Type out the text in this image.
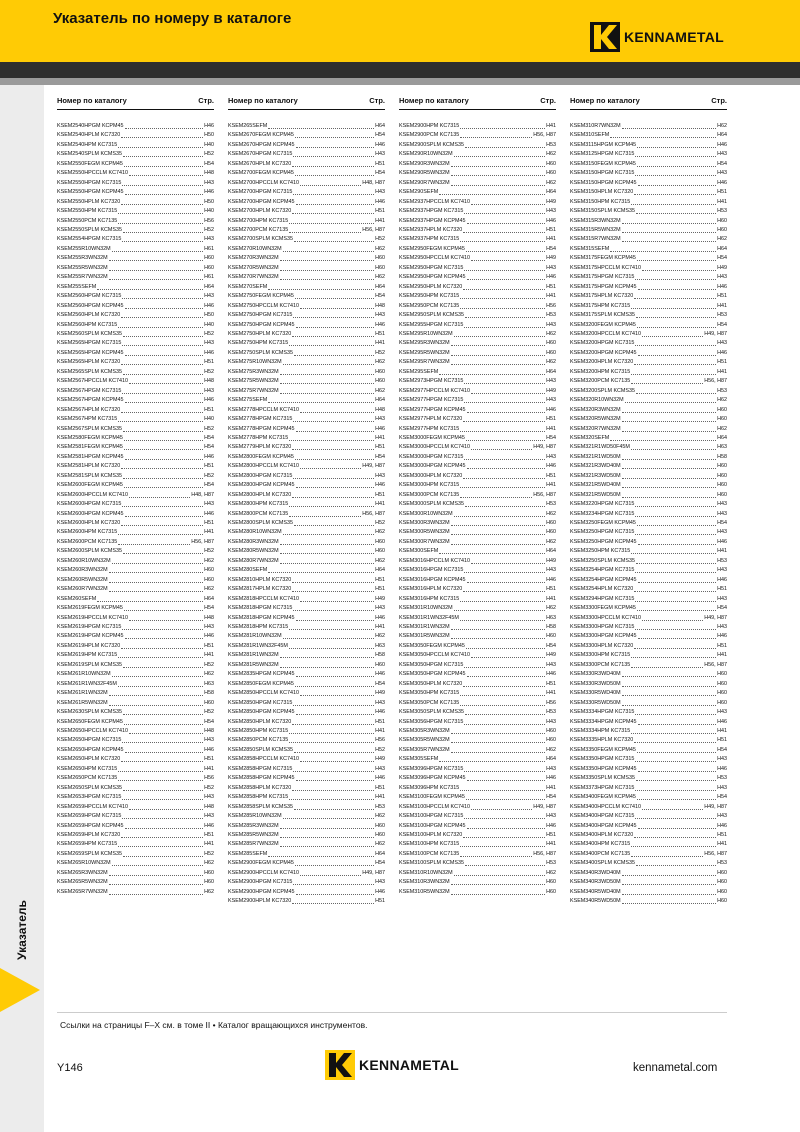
Указатель по номеру в каталоге
KENNAMETAL
Указатель
Номер по каталогу	Стр.
KSEM2540HPGM KCPM45	H46
KSEM2540HPLM KC7320	H50
KSEM2540HPM KC7315	H40
KSEM2540SPLM KCMS35	H52
KSEM2550FEGM KCPM45	H54
KSEM2550HPCCLM KC7410	H48
KSEM2550HPGM KC7315	H43
KSEM2550HPGM KCPM45	H46
KSEM2550HPLM KC7320	H50
KSEM2550HPM KC7315	H40
KSEM2550PCM KC7135	H56
KSEM2550SPLM KCMS35	H52
KSEM2554HPGM KC7315	H43
KSEM255R10WN32M	H61
KSEM255R3WN32M	H60
KSEM255R5WN32M	H60
KSEM255R7WN32M	H61
KSEM255SEFM	H64
KSEM2560HPGM KC7315	H43
KSEM2560HPGM KCPM45	H46
KSEM2560HPLM KC7320	H50
KSEM2560HPM KC7315	H40
KSEM2560SPLM KCMS35	H52
KSEM2565HPGM KC7315	H43
KSEM2565HPGM KCPM45	H46
KSEM2565HPLM KC7320	H51
KSEM2565SPLM KCMS35	H52
KSEM2567HPCCLM KC7410	H48
KSEM2567HPGM KC7315	H43
KSEM2567HPGM KCPM45	H46
KSEM2567HPLM KC7320	H51
KSEM2567HPM KC7315	H40
KSEM2567SPLM KCMS35	H52
KSEM2580FEGM KCPM45	H54
KSEM2581FEGM KCPM45	H54
KSEM2581HPGM KCPM45	H46
KSEM2581HPLM KC7320	H51
KSEM2581SPLM KCMS35	H52
KSEM2600FEGM KCPM45	H54
KSEM2600HPCCLM KC7410	H48, H87
KSEM2600HPGM KC7315	H43
KSEM2600HPGM KCPM45	H46
KSEM2600HPLM KC7320	H51
KSEM2600HPM KC7315	H41
KSEM2600PCM KC7135	H56, H87
KSEM2600SPLM KCMS35	H52
KSEM260R10WN32M	H62
KSEM260R3WN32M	H60
KSEM260R5WN32M	H60
KSEM260R7WN32M	H62
KSEM260SEFM	H64
KSEM2619FEGM KCPM45	H54
KSEM2619HPCCLM KC7410	H48
KSEM2619HPGM KC7315	H43
KSEM2619HPGM KCPM45	H46
KSEM2619HPLM KC7320	H51
KSEM2619HPM KC7315	H41
KSEM2619SPLM KCMS35	H52
KSEM261R10WN32M	H62
KSEM261R1WN32F45M	H63
KSEM261R1WN32M	H58
KSEM261R5WN32M	H60
KSEM2630SPLM KCMS35	H52
KSEM2650FEGM KCPM45	H54
KSEM2650HPCCLM KC7410	H48
KSEM2650HPGM KC7315	H43
KSEM2650HPGM KCPM45	H46
KSEM2650HPLM KC7320	H51
KSEM2650HPM KC7315	H41
KSEM2650PCM KC7135	H56
KSEM2650SPLM KCMS35	H52
KSEM2653HPGM KC7315	H43
KSEM2659HPCCLM KC7410	H48
KSEM2659HPGM KC7315	H43
KSEM2659HPGM KCPM45	H46
KSEM2659HPLM KC7320	H51
KSEM2659HPM KC7315	H41
KSEM2659SPLM KCMS35	H52
KSEM265R10WN32M	H62
KSEM265R3WN32M	H60
KSEM265R5WN32M	H60
KSEM265R7WN32M	H62
Номер по каталогу	Стр.
KSEM265SEFM	H64
KSEM2670FEGM KCPM45	H54
KSEM2670HPGM KCPM45	H46
KSEM2670HPGM KC7315	H43
KSEM2670HPLM KC7320	H51
KSEM2700FEGM KCPM45	H54
KSEM2700HPCCLM KC7410	H48, H87
KSEM2700HPGM KC7315	H43
KSEM2700HPGM KCPM45	H46
KSEM2700HPLM KC7320	H51
KSEM2700HPM KC7315	H41
KSEM2700PCM KC7135	H56, H87
KSEM2700SPLM KCMS35	H52
KSEM270R10WN32M	H62
KSEM270R3WN32M	H60
KSEM270R5WN32M	H60
KSEM270R7WN32M	H62
KSEM270SEFM	H64
KSEM2750FEGM KCPM45	H54
KSEM2750HPCCLM KC7410	H48
KSEM2750HPGM KC7315	H43
KSEM2750HPGM KCPM45	H46
KSEM2750HPLM KC7320	H51
KSEM2750HPM KC7315	H41
KSEM2750SPLM KCMS35	H52
KSEM275R10WN32M	H62
KSEM275R3WN32M	H60
KSEM275R5WN32M	H60
KSEM275R7WN32M	H62
KSEM275SEFM	H64
KSEM2778HPCCLM KC7410	H48
KSEM2778HPGM KC7315	H43
KSEM2778HPGM KCPM45	H46
KSEM2778HPM KC7315	H41
KSEM2779HPLM KC7320	H51
KSEM2800FEGM KCPM45	H54
KSEM2800HPCCLM KC7410	H49, H87
KSEM2800HPGM KC7315	H43
KSEM2800HPGM KCPM45	H46
KSEM2800HPLM KC7320	H51
KSEM2800HPM KC7315	H41
KSEM2800PCM KC7135	H56, H87
KSEM2800SPLM KCMS35	H52
KSEM280R10WN32M	H62
KSEM280R3WN32M	H60
KSEM280R5WN32M	H60
KSEM280R7WN32M	H62
KSEM280SEFM	H64
KSEM2810HPLM KC7320	H51
KSEM2817HPLM KC7320	H51
KSEM2818HPCCLM KC7410	H49
KSEM2818HPGM KC7315	H43
KSEM2818HPGM KCPM45	H46
KSEM2818HPM KC7315	H41
KSEM281R10WN32M	H62
KSEM281R1WN32F45M	H63
KSEM281R1WN32M	H58
KSEM281R5WN32M	H60
KSEM2835HPGM KCPM45	H46
KSEM2850FEGM KCPM45	H54
KSEM2850HPCCLM KC7410	H49
KSEM2850HPGM KC7315	H43
KSEM2850HPGM KCPM45	H46
KSEM2850HPLM KC7320	H51
KSEM2850HPM KC7315	H41
KSEM2850PCM KC7135	H56
KSEM2850SPLM KCMS35	H52
KSEM2858HPCCLM KC7410	H49
KSEM2858HPGM KC7315	H43
KSEM2858HPGM KCPM45	H46
KSEM2858HPLM KC7320	H51
KSEM2858HPM KC7315	H41
KSEM2858SPLM KCMS35	H53
KSEM285R10WN32M	H62
KSEM285R3WN32M	H60
KSEM285R5WN32M	H60
KSEM285R7WN32M	H62
KSEM285SEFM	H64
KSEM2900FEGM KCPM45	H54
KSEM2900HPCCLM KC7410	H49, H87
KSEM2900HPGM KC7315	H43
KSEM2900HPGM KCPM45	H46
KSEM2900HPLM KC7320	H51
Номер по каталогу	Стр.
KSEM2900HPM KC7315	H41
KSEM2900PCM KC7135	H56, H87
KSEM2900SPLM KCMS35	H53
KSEM290R10WN32M	H62
KSEM290R3WN32M	H60
KSEM290R5WN32M	H60
KSEM290R7WN32M	H62
KSEM290SEFM	H64
KSEM2937HPCCLM KC7410	H49
KSEM2937HPGM KC7315	H43
KSEM2937HPGM KCPM45	H46
KSEM2937HPLM KC7320	H51
KSEM2937HPM KC7315	H41
KSEM2950FEGM KCPM45	H54
KSEM2950HPCCLM KC7410	H49
KSEM2950HPGM KC7315	H43
KSEM2950HPGM KCPM45	H46
KSEM2950HPLM KC7320	H51
KSEM2950HPM KC7315	H41
KSEM2950PCM KC7135	H56
KSEM2950SPLM KCMS35	H53
KSEM2955HPGM KC7315	H43
KSEM295R10WN32M	H62
KSEM295R3WN32M	H60
KSEM295R5WN32M	H60
KSEM295R7WN32M	H62
KSEM295SEFM	H64
KSEM2973HPGM KC7315	H43
KSEM2977HPCCLM KC7410	H49
KSEM2977HPGM KC7315	H43
KSEM2977HPGM KCPM45	H46
KSEM2977HPLM KC7320	H51
KSEM2977HPM KC7315	H41
KSEM3000FEGM KCPM45	H54
KSEM3000HPCCLM KC7410	H49, H87
KSEM3000HPGM KC7315	H43
KSEM3000HPGM KCPM45	H46
KSEM3000HPLM KC7320	H51
KSEM3000HPM KC7315	H41
KSEM3000PCM KC7135	H56, H87
KSEM3000SPLM KCMS35	H53
KSEM300R10WN32M	H62
KSEM300R3WN32M	H60
KSEM300R5WN32M	H60
KSEM300R7WN32M	H62
KSEM300SEFM	H64
KSEM3016HPCCLM KC7410	H49
KSEM3016HPGM KC7315	H43
KSEM3016HPGM KCPM45	H46
KSEM3016HPLM KC7320	H51
KSEM3016HPM KC7315	H41
KSEM301R10WN32M	H62
KSEM301R1WN32F45M	H63
KSEM301R1WN32M	H58
KSEM301R5WN32M	H60
KSEM3050FEGM KCPM45	H54
KSEM3050HPCCLM KC7410	H49
KSEM3050HPGM KC7315	H43
KSEM3050HPGM KCPM45	H46
KSEM3050HPLM KC7320	H51
KSEM3050HPM KC7315	H41
KSEM3050PCM KC7135	H56
KSEM3050SPLM KCMS35	H53
KSEM3056HPGM KC7315	H43
KSEM305R3WN32M	H60
KSEM305R5WN32M	H60
KSEM305R7WN32M	H62
KSEM305SEFM	H64
KSEM3096HPGM KC7315	H43
KSEM3096HPGM KCPM45	H46
KSEM3096HPM KC7315	H41
KSEM3100FEGM KCPM45	H54
KSEM3100HPCCLM KC7410	H49, H87
KSEM3100HPGM KC7315	H43
KSEM3100HPGM KCPM45	H46
KSEM3100HPLM KC7320	H51
KSEM3100HPM KC7315	H41
KSEM3100PCM KC7135	H56, H87
KSEM3100SPLM KCMS35	H53
KSEM310R10WN32M	H62
KSEM310R3WN32M	H60
KSEM310R5WN32M	H60
Номер по каталогу	Стр.
KSEM310R7WN32M	H62
KSEM310SEFM	H64
KSEM3115HPGM KCPM45	H46
KSEM3125HPGM KC7315	H43
KSEM3150FEGM KCPM45	H54
KSEM3150HPGM KC7315	H43
KSEM3150HPGM KCPM45	H46
KSEM3150HPLM KC7320	H51
KSEM3150HPM KC7315	H41
KSEM3150SPLM KCMS35	H53
KSEM315R3WN32M	H60
KSEM315R5WN32M	H60
KSEM315R7WN32M	H62
KSEM315SEFM	H64
KSEM3175FEGM KCPM45	H54
KSEM3175HPCCLM KC7410	H49
KSEM3175HPGM KC7315	H43
KSEM3175HPGM KCPM45	H46
KSEM3175HPLM KC7320	H51
KSEM3175HPM KC7315	H41
KSEM3175SPLM KCMS35	H53
KSEM3200FEGM KCPM45	H54
KSEM3200HPCCLM KC7410	H49, H87
KSEM3200HPGM KC7315	H43
KSEM3200HPGM KCPM45	H46
KSEM3200HPLM KC7320	H51
KSEM3200HPM KC7315	H41
KSEM3200PCM KC7135	H56, H87
KSEM3200SPLM KCMS35	H53
KSEM320R10WN32M	H62
KSEM320R3WN32M	H60
KSEM320R5WN32M	H60
KSEM320R7WN32M	H62
KSEM320SEFM	H64
KSEM321R1WD50F45M	H63
KSEM321R1WD50M	H58
KSEM321R3WD40M	H60
KSEM321R3WD50M	H60
KSEM321R5WD40M	H60
KSEM321R5WD50M	H60
KSEM3220HPGM KC7315	H43
KSEM3234HPGM KC7315	H43
KSEM3250FEGM KCPM45	H54
KSEM3250HPGM KC7315	H43
KSEM3250HPGM KCPM45	H46
KSEM3250HPM KC7315	H41
KSEM3250SPLM KCMS35	H53
KSEM3254HPGM KC7315	H43
KSEM3254HPGM KCPM45	H46
KSEM3254HPLM KC7320	H51
KSEM3294HPGM KC7315	H43
KSEM3300FEGM KCPM45	H54
KSEM3300HPCCLM KC7410	H49, H87
KSEM3300HPGM KC7315	H43
KSEM3300HPGM KCPM45	H46
KSEM3300HPLM KC7320	H51
KSEM3300HPM KC7315	H41
KSEM3300PCM KC7135	H56, H87
KSEM330R3WD40M	H60
KSEM330R3WD50M	H60
KSEM330R5WD40M	H60
KSEM330R5WD50M	H60
KSEM3334HPGM KC7315	H43
KSEM3334HPGM KCPM45	H46
KSEM3334HPM KC7315	H41
KSEM3335HPLM KC7320	H51
KSEM3350FEGM KCPM45	H54
KSEM3350HPGM KC7315	H43
KSEM3350HPGM KCPM45	H46
KSEM3350SPLM KCMS35	H53
KSEM3373HPGM KC7315	H43
KSEM3400FEGM KCPM45	H54
KSEM3400HPCCLM KC7410	H49, H87
KSEM3400HPGM KC7315	H43
KSEM3400HPGM KCPM45	H46
KSEM3400HPLM KC7320	H51
KSEM3400HPM KC7315	H41
KSEM3400PCM KC7135	H56, H87
KSEM3400SPLM KCMS35	H53
KSEM340R3WD40M	H60
KSEM340R3WD50M	H60
KSEM340R5WD40M	H60
KSEM340R5WD50M	H60
Ссылки на страницы F–X см. в томе II • Каталог вращающихся инструментов.
Y146	KENNAMETAL	kennametal.com
